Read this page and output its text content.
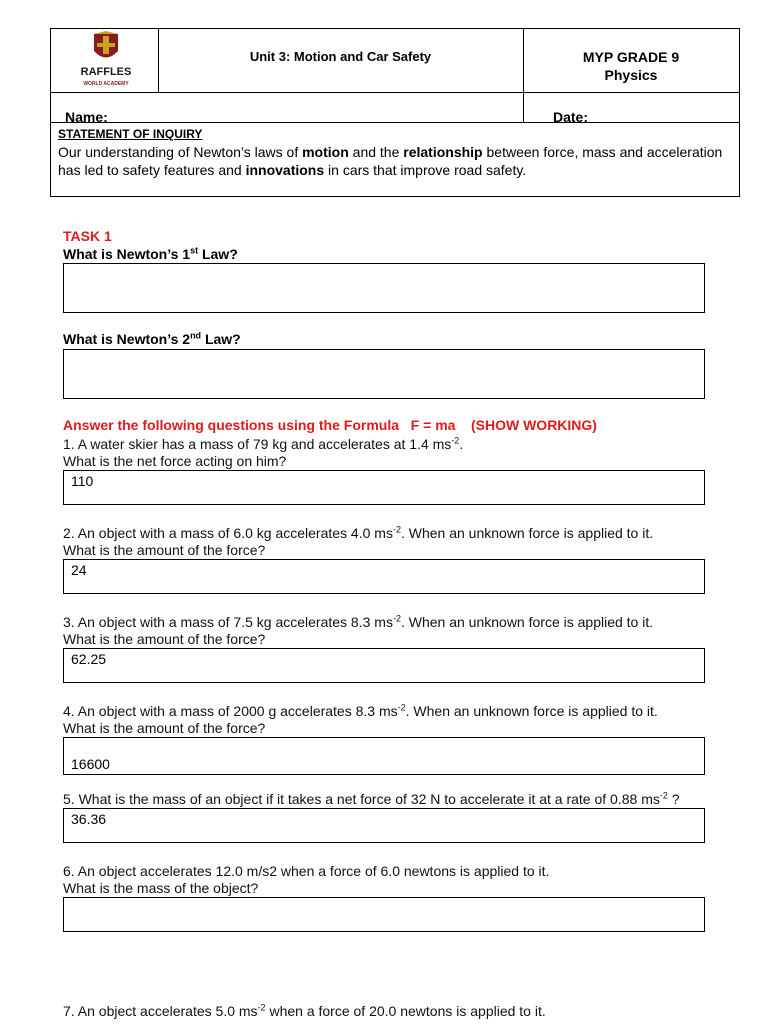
RAFFLES
WORLD ACADEMY
Unit 3: Motion and Car Safety	MYP GRADE 9
Physics
Name:	Date:
STATEMENT OF INQUIRY
Our understanding of Newton’s laws of motion and the relationship between force, mass and acceleration has led to safety features and innovations in cars that improve road safety.
TASK 1
What is Newton’s 1st Law?
What is Newton’s 2nd Law?
Answer the following questions using the Formula   F = ma    (SHOW WORKING)
1. A water skier has a mass of 79 kg and accelerates at 1.4 $ms^{-2}$.
What is the net force acting on him?
110
2. An object with a mass of 6.0 kg accelerates 4.0 $ms^{-2}$. When an unknown force is applied to it.
What is the amount of the force?
24
3. An object with a mass of 7.5 kg accelerates 8.3 $ms^{-2}$. When an unknown force is applied to it.
What is the amount of the force?
62.25
4. An object with a mass of 2000 g accelerates 8.3 $ms^{-2}$. When an unknown force is applied to it.
What is the amount of the force?
16600
5. What is the mass of an object if it takes a net force of 32 N to accelerate it at a rate of 0.88 $ms^{-2}$ ?
36.36
6. An object accelerates 12.0 m/s2 when a force of 6.0 newtons is applied to it.
What is the mass of the object?
7. An object accelerates 5.0 $ms^{-2}$ when a force of 20.0 newtons is applied to it.
